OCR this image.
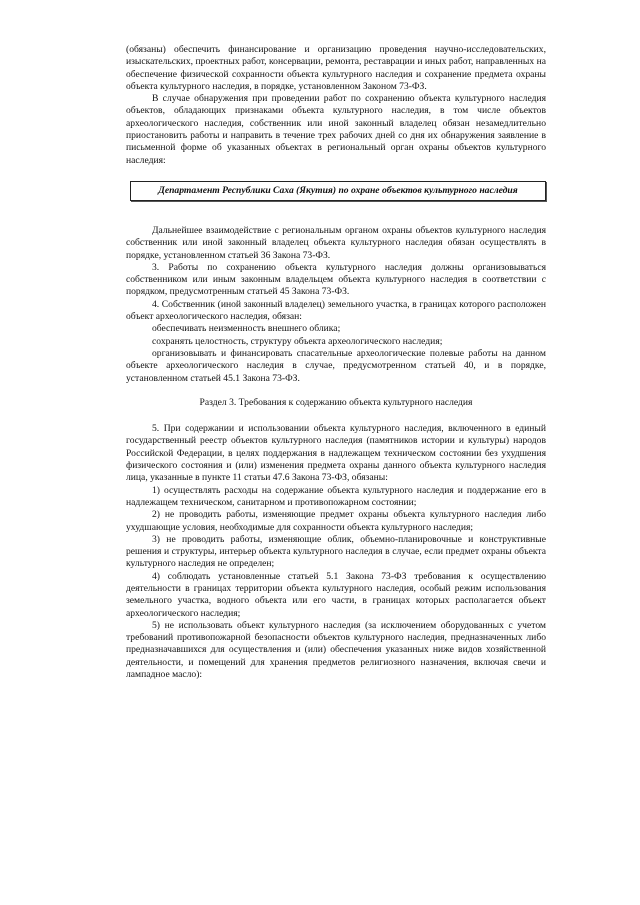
(обязаны) обеспечить финансирование и организацию проведения научно-исследовательских, изыскательских, проектных работ, консервации, ремонта, реставрации и иных работ, направленных на обеспечение физической сохранности объекта культурного наследия и сохранение предмета охраны объекта культурного наследия, в порядке, установленном Законом 73-ФЗ.

В случае обнаружения при проведении работ по сохранению объекта культурного наследия объектов, обладающих признаками объекта культурного наследия, в том числе объектов археологического наследия, собственник или иной законный владелец обязан незамедлительно приостановить работы и направить в течение трех рабочих дней со дня их обнаружения заявление в письменной форме об указанных объектах в региональный орган охраны объектов культурного наследия:

Департамент Республики Саха (Якутия) по охране объектов культурного наследия

Дальнейшее взаимодействие с региональным органом охраны объектов культурного наследия собственник или иной законный владелец объекта культурного наследия обязан осуществлять в порядке, установленном статьей 36 Закона 73-ФЗ.

3. Работы по сохранению объекта культурного наследия должны организовываться собственником или иным законным владельцем объекта культурного наследия в соответствии с порядком, предусмотренным статьей 45 Закона 73-ФЗ.

4. Собственник (иной законный владелец) земельного участка, в границах которого расположен объект археологического наследия, обязан:

обеспечивать неизменность внешнего облика;

сохранять целостность, структуру объекта археологического наследия;

организовывать и финансировать спасательные археологические полевые работы на данном объекте археологического наследия в случае, предусмотренном статьей 40, и в порядке, установленном статьей 45.1 Закона 73-ФЗ.

Раздел 3. Требования к содержанию объекта культурного наследия

5. При содержании и использовании объекта культурного наследия, включенного в единый государственный реестр объектов культурного наследия (памятников истории и культуры) народов Российской Федерации, в целях поддержания в надлежащем техническом состоянии без ухудшения физического состояния и (или) изменения предмета охраны данного объекта культурного наследия лица, указанные в пункте 11 статьи 47.6 Закона 73-ФЗ, обязаны:

1) осуществлять расходы на содержание объекта культурного наследия и поддержание его в надлежащем техническом, санитарном и противопожарном состоянии;

2) не проводить работы, изменяющие предмет охраны объекта культурного наследия либо ухудшающие условия, необходимые для сохранности объекта культурного наследия;

3) не проводить работы, изменяющие облик, объемно-планировочные и конструктивные решения и структуры, интерьер объекта культурного наследия в случае, если предмет охраны объекта культурного наследия не определен;

4) соблюдать установленные статьей 5.1 Закона 73-ФЗ требования к осуществлению деятельности в границах территории объекта культурного наследия, особый режим использования земельного участка, водного объекта или его части, в границах которых располагается объект археологического наследия;

5) не использовать объект культурного наследия (за исключением оборудованных с учетом требований противопожарной безопасности объектов культурного наследия, предназначенных либо предназначавшихся для осуществления и (или) обеспечения указанных ниже видов хозяйственной деятельности, и помещений для хранения предметов религиозного назначения, включая свечи и лампадное масло):
